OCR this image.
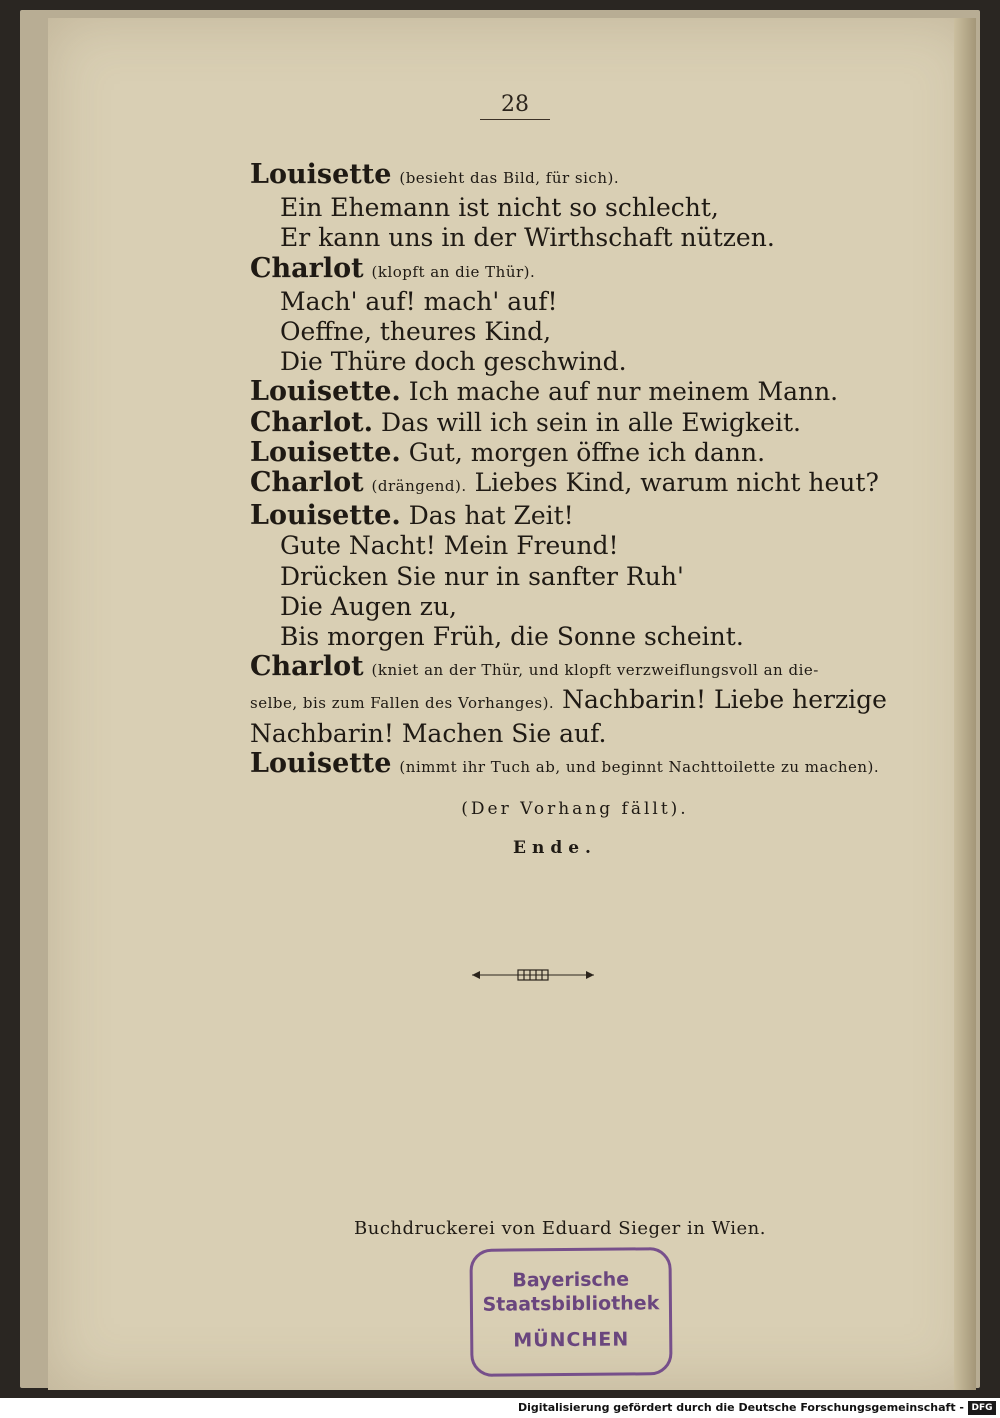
28

Louisette (besieht das Bild, für sich).

Ein Ehemann ist nicht so schlecht,

Er kann uns in der Wirthschaft nützen.

Charlot (klopft an die Thür).

Mach' auf! mach' auf!

Oeffne, theures Kind,

Die Thüre doch geschwind.

Louisette. Ich mache auf nur meinem Mann.

Charlot. Das will ich sein in alle Ewigkeit.

Louisette. Gut, morgen öffne ich dann.

Charlot (drängend). Liebes Kind, warum nicht heut?

Louisette. Das hat Zeit!

Gute Nacht! Mein Freund!

Drücken Sie nur in sanfter Ruh'

Die Augen zu,

Bis morgen Früh, die Sonne scheint.

Charlot (kniet an der Thür, und klopft verzweiflungsvoll an die-

selbe, bis zum Fallen des Vorhanges). Nachbarin! Liebe herzige

Nachbarin! Machen Sie auf.

Louisette (nimmt ihr Tuch ab, und beginnt Nachttoilette zu machen).

(Der Vorhang fällt).

Ende.
Buchdruckerei von Eduard Sieger in Wien.
Bayerische
Staatsbibliothek
MÜNCHEN
Digitalisierung gefördert durch die Deutsche Forschungsgemeinschaft - DFG
